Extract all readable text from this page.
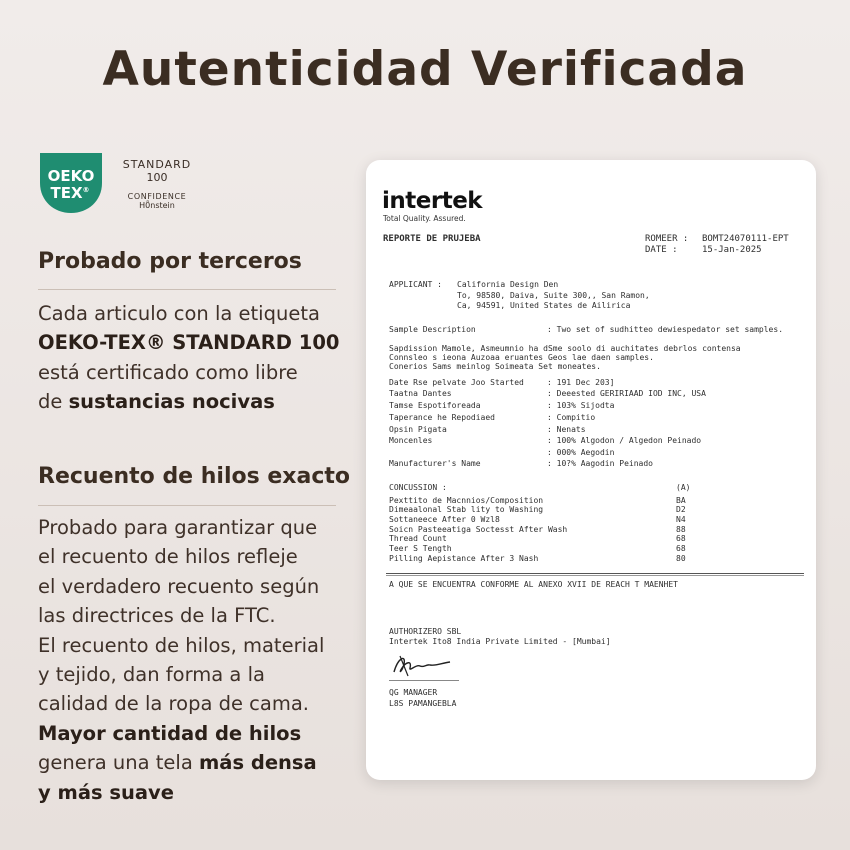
Autenticidad Verificada
OEKO
TEX®
STANDARD
100
CONFIDENCE
H0̃nstein
Probado por terceros
Cada articulo con la etiqueta
OEKO-TEX® STANDARD 100
está certificado como libre
de sustancias nocivas
Recuento de hilos exacto
Probado para garantizar que
el recuento de hilos refleje
el verdadero recuento según
las directrices de la FTC.
El recuento de hilos, material
y tejido, dan forma a la
calidad de la ropa de cama.
Mayor cantidad de hilos
genera una tela más densa
y más suave
intertek
Total Quality. Assured.
REPORTE DE PRUJEBA	ROMEER : BOMT24070111-EPT
DATE :	15-Jan-2025
APPLICANT : California Design Den
To, 98580, Daiva, Suite 300,, San Ramon,
Ca, 94591, United States de Ailirica
Sample Description	: Two set of sudhitteo dewiespedator set samples.
Sapdission Mamole, Asmeumnio ha dSme soolo di auchitates debrlos contensa
Connsleo s ieona Auzoaa eruantes Geos lae daen samples.
Conerios Sams meinlog Soimeata Set moneates.
Date Rse pelvate Joo Started	: 191 Dec 203]
Taatna Dantes	: Deeested GERIRIAAD IOD INC, USA
Tamse Espotiforeada	: 103% Sijodta
Taperance he Repodiaed	: Compitio
Opsin Pigata	: Nenats
Moncenles	: 100% Algodon / Algedon Peinado
: 000% Aegodin
Manufacturer's Name	: 10?% Aagodin Peinado
CONCUSSION :	(A)
Pexttito de Macnnios/Composition	BA
Dimeaalonal Stab lity to Washing	D2
Sottaneece After 0 Wzl8	N4
Soicn Pasteeatiga Soctesst After Wash	88
Thread Count	68
Teer S Tength	68
Pilling Aepistance After 3 Nash	80
A QUE SE ENCUENTRA CONFORME AL ANEXO XVII DE REACH T MAENHET
AUTHORIZERO SBL
Intertek Ito8 India Private Limited - [Mumbai]
QG MANAGER
L8S PAMANGEBLA
